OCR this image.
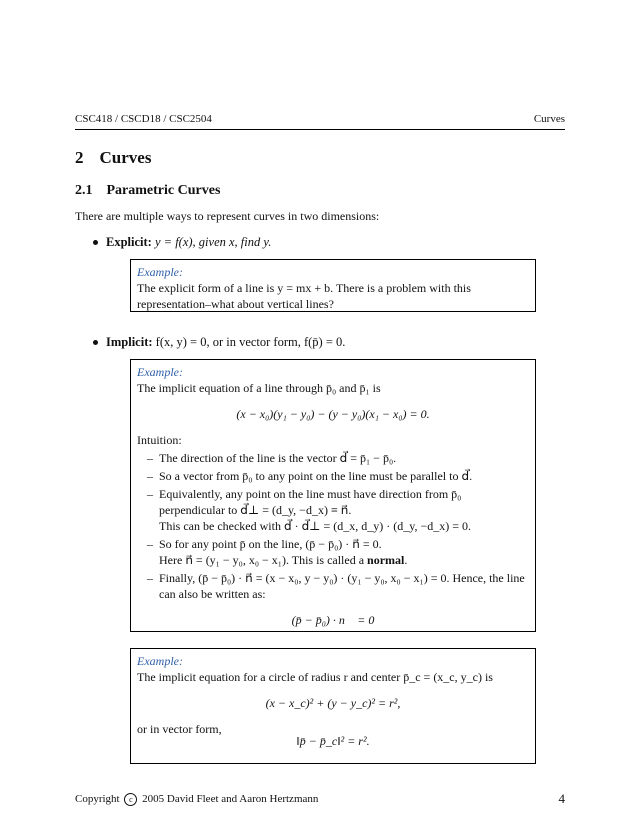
CSC418 / CSCD18 / CSC2504	Curves
2 Curves
2.1 Parametric Curves
There are multiple ways to represent curves in two dimensions:
Explicit: y = f(x), given x, find y.
Example:
The explicit form of a line is y = mx + b. There is a problem with this
representation–what about vertical lines?
Implicit: f(x, y) = 0, or in vector form, f(p̄) = 0.
Example:
The implicit equation of a line through p̄₀ and p̄₁ is
(x − x₀)(y₁ − y₀) − (y − y₀)(x₁ − x₀) = 0.
Intuition:
– The direction of the line is the vector d⃗ = p̄₁ − p̄₀.
– So a vector from p̄₀ to any point on the line must be parallel to d⃗.
– Equivalently, any point on the line must have direction from p̄₀ perpendicular to d⃗⊥ = (d_y, −d_x) ≡ n⃗.
This can be checked with d⃗ · d⃗⊥ = (d_x, d_y) · (d_y, −d_x) = 0.
– So for any point p̄ on the line, (p̄ − p̄₀) · n⃗ = 0.
Here n⃗ = (y₁ − y₀, x₀ − x₁). This is called a normal.
– Finally, (p̄ − p̄₀) · n⃗ = (x − x₀, y − y₀) · (y₁ − y₀, x₀ − x₁) = 0. Hence, the line can also be written as:
(p̄ − p̄₀) · n⃗ = 0
Example:
The implicit equation for a circle of radius r and center p̄_c = (x_c, y_c) is
(x − x_c)² + (y − y_c)² = r²,
or in vector form,
‖p̄ − p̄_c‖² = r².
Copyright c 2005 David Fleet and Aaron Hertzmann	4
